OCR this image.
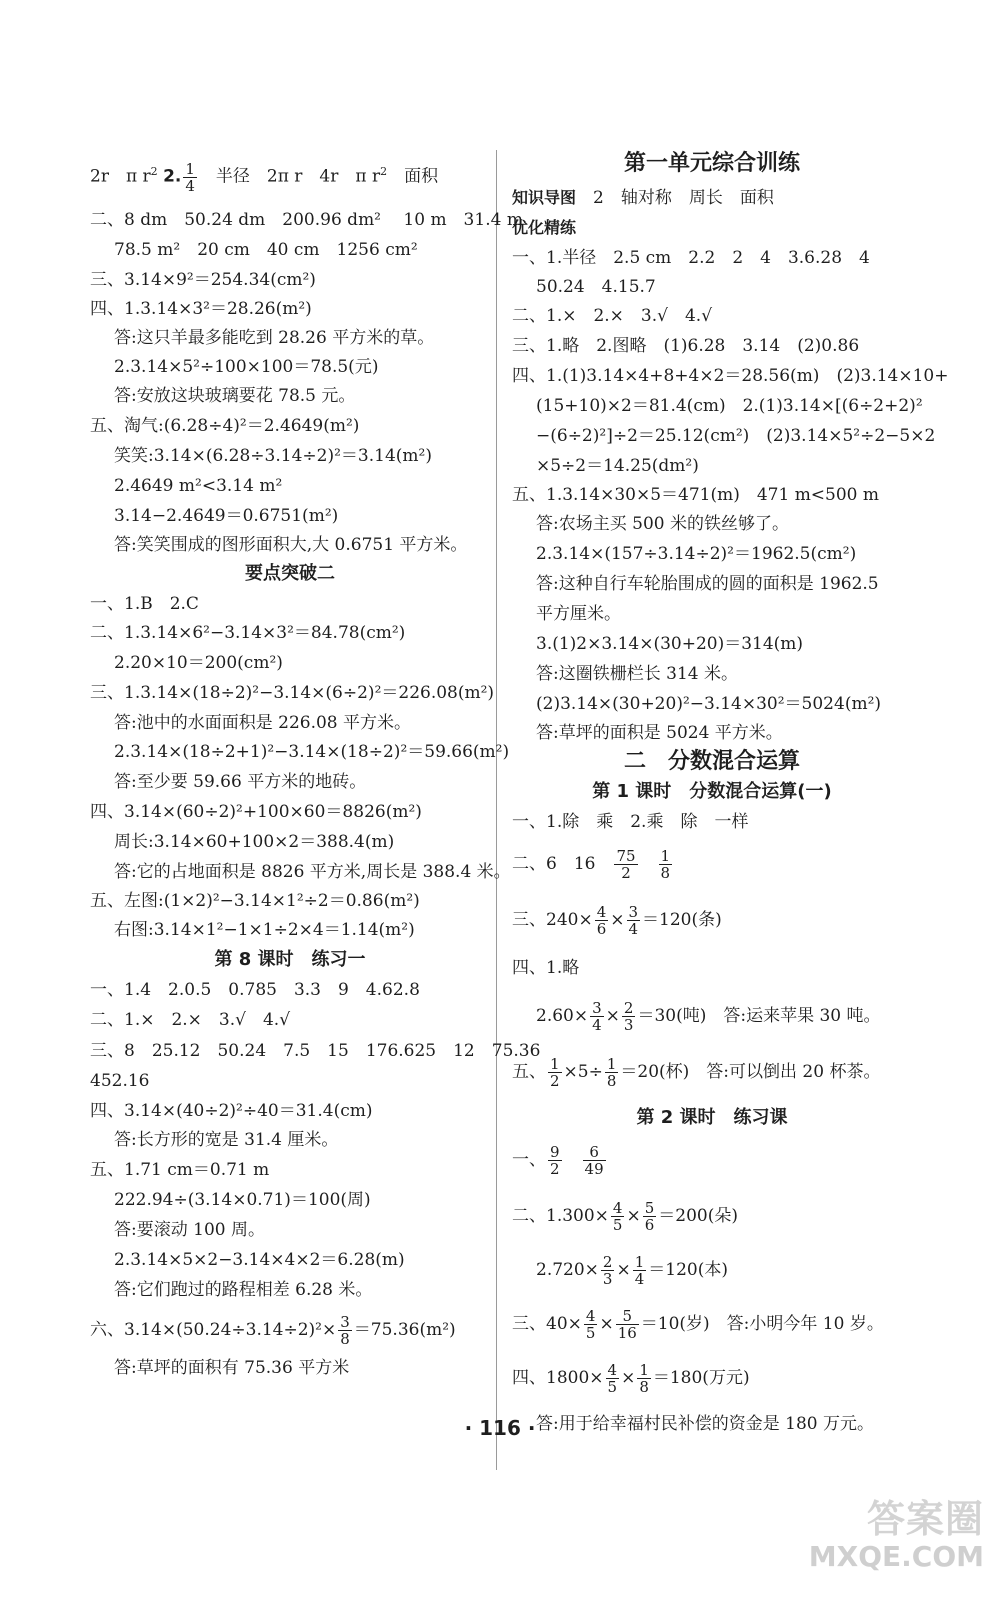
2r　π $r^2$ 2. $\frac{1}{4}$ 　半径　2π r　4r　π $r^2$　面积
二、8 dm　50.24 dm　200.96 dm² 　10 m　31.4 m
78.5 m²　20 cm　40 cm　1256 cm²
三、3.14×9²＝254.34(cm²)
四、1.3.14×3²＝28.26(m²)
答:这只羊最多能吃到 28.26 平方米的草。
2.3.14×5²÷100×100＝78.5(元)
答:安放这块玻璃要花 78.5 元。
五、淘气:(6.28÷4)²＝2.4649(m²)
笑笑:3.14×(6.28÷3.14÷2)²＝3.14(m²)
2.4649 m²<3.14 m²
3.14−2.4649＝0.6751(m²)
答:笑笑围成的图形面积大,大 0.6751 平方米。
要点突破二
一、1.B　2.C
二、1.3.14×6²−3.14×3²＝84.78(cm²)
2.20×10＝200(cm²)
三、1.3.14×(18÷2)²−3.14×(6÷2)²＝226.08(m²)
答:池中的水面面积是 226.08 平方米。
2.3.14×(18÷2+1)²−3.14×(18÷2)²＝59.66(m²)
答:至少要 59.66 平方米的地砖。
四、3.14×(60÷2)²+100×60＝8826(m²)
周长:3.14×60+100×2＝388.4(m)
答:它的占地面积是 8826 平方米,周长是 388.4 米。
五、左图:(1×2)²−3.14×1²÷2＝0.86(m²)
右图:3.14×1²−1×1÷2×4＝1.14(m²)
第 8 课时　练习一
一、1.4　2.0.5　0.785　3.3　9　4.62.8
二、1.×　2.×　3.√　4.√
三、8　25.12　50.24　7.5　15　176.625　12　75.36
452.16
四、3.14×(40÷2)²÷40＝31.4(cm)
答:长方形的宽是 31.4 厘米。
五、1.71 cm＝0.71 m
222.94÷(3.14×0.71)＝100(周)
答:要滚动 100 周。
2.3.14×5×2−3.14×4×2＝6.28(m)
答:它们跑过的路程相差 6.28 米。
六、$3.14\times(50.24\div 3.14\div 2)^2\times \frac{3}{8} =75.36(m^2)$
答:草坪的面积有 75.36 平方米
第一单元综合训练
知识导图　2　轴对称　周长　面积
优化精练
一、1.半径　2.5 cm　2.2　2　4　3.6.28　4
50.24　4.15.7
二、1.×　2.×　3.√　4.√
三、1.略　2.图略　(1)6.28　3.14　(2)0.86
四、1.(1)3.14×4+8+4×2＝28.56(m)　(2)3.14×10+
(15+10)×2＝81.4(cm)　2.(1)3.14×[(6÷2+2)²
−(6÷2)²]÷2＝25.12(cm²)　(2)3.14×5²÷2−5×2
×5÷2＝14.25(dm²)
五、1.3.14×30×5＝471(m)　471 m<500 m
答:农场主买 500 米的铁丝够了。
2.3.14×(157÷3.14÷2)²＝1962.5(cm²)
答:这种自行车轮胎围成的圆的面积是 1962.5
平方厘米。
3.(1)2×3.14×(30+20)＝314(m)
答:这圈铁栅栏长 314 米。
(2)3.14×(30+20)²−3.14×30²＝5024(m²)
答:草坪的面积是 5024 平方米。
二　分数混合运算
第 1 课时　分数混合运算(一)
一、1.除　乘　2.乘　除　一样
二、6　16　 $\frac{75}{2}$
　 $\frac{1}{8}$
三、$240\times \frac{4}{6} \times \frac{3}{4} =120$(条)
四、1.略
$2.60\times \frac{3}{4} \times \frac{2}{3} =30$(吨)　答:运来苹果 30 吨。
五、 $\frac{1}{2} \times 5\div \frac{1}{8} =20$(杯)　答:可以倒出 20 杯茶。
第 2 课时　练习课
一、 $\frac{9}{2}$
　 $\frac{6}{49}$
二、$1.300\times \frac{4}{5} \times \frac{5}{6} =200$(朵)
$2.720\times \frac{2}{3} \times \frac{1}{4} =120$(本)
三、$40\times \frac{4}{5} \times \frac{5}{16} =10$(岁)　答:小明今年 10 岁。
四、$1800\times \frac{4}{5} \times \frac{1}{8} =180$(万元)
答:用于给幸福村民补偿的资金是 180 万元。
· 116 ·
答案圈
MXQE.COM
